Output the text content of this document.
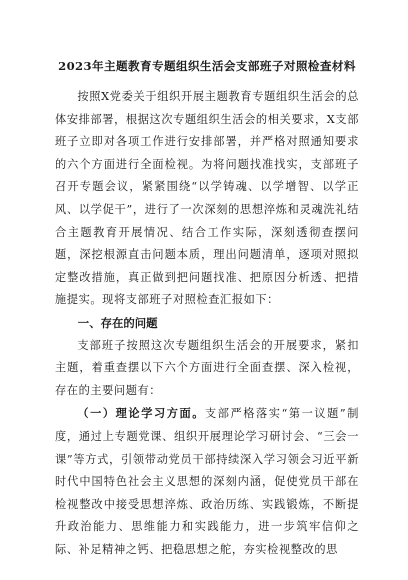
2023年主题教育专题组织生活会支部班子对照检查材料

按照X党委关于组织开展主题教育专题组织生活会的总体安排部署，根据这次专题组织生活会的相关要求，X支部班子立即对各项工作进行安排部署，并严格对照通知要求的六个方面进行全面检视。为将问题找准找实，支部班子召开专题会议，紧紧围绕“以学铸魂、以学增智、以学正风、以学促干”，进行了一次深刻的思想淬炼和灵魂洗礼结合主题教育开展情况、结合工作实际，深刻透彻查摆问题，深挖根源直击问题本质，理出问题清单，逐项对照拟定整改措施，真正做到把问题找准、把原因分析透、把措施提实。现将支部班子对照检查汇报如下：

一、存在的问题

支部班子按照这次专题组织生活会的开展要求，紧扣主题，着重查摆以下六个方面进行全面查摆、深入检视，存在的主要问题有：

（一）理论学习方面。支部严格落实“第一议题”制度，通过上专题党课、组织开展理论学习研讨会、“三会一课”等方式，引领带动党员干部持续深入学习领会习近平新时代中国特色社会主义思想的深刻内涵，促使党员干部在检视整改中接受思想淬炼、政治历练、实践锻炼，不断提升政治能力、思维能力和实践能力，进一步筑牢信仰之际、补足精神之钙、把稳思想之舵，夯实检视整改的思
